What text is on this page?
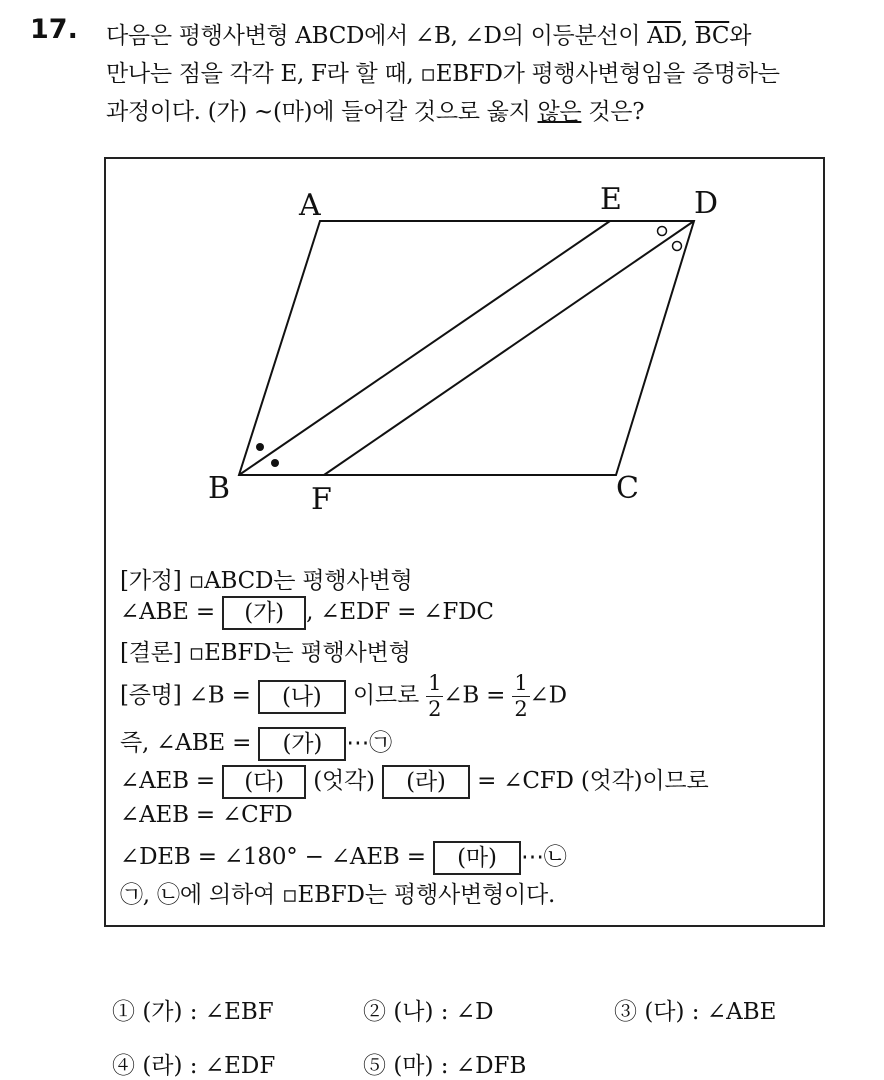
17. 다음은 평행사변형 ABCD에서 ∠B, ∠D의 이등분선이 $\overline{AD}$, $\overline{BC}$와
만나는 점을 각각 E, F라 할 때, ▫EBFD가 평행사변형임을 증명하는
과정이다. (가) ~(마)에 들어갈 것으로 옳지 않은 것은?
A	E D
B	F	C
[가정] ▫ABCD는 평행사변형
∠ABE = (가) , ∠EDF = ∠FDC
[결론] ▫EBFD는 평행사변형
[증명] ∠B = (나) 이므로 $\frac{1}{2}$ ∠B = $\frac{1}{2}$ ∠D
즉, ∠ABE = (가) ⋯㉠
∠AEB = (다) (엇각) (라) = ∠CFD (엇각)이므로
∠AEB = ∠CFD
∠DEB = ∠180° − ∠AEB = (마) ⋯㉡
㉠, ㉡에 의하여 ▫EBFD는 평행사변형이다.
① (가) : ∠EBF	② (나) : ∠D	③ (다) : ∠ABE
④ (라) : ∠EDF	⑤ (마) : ∠DFB
